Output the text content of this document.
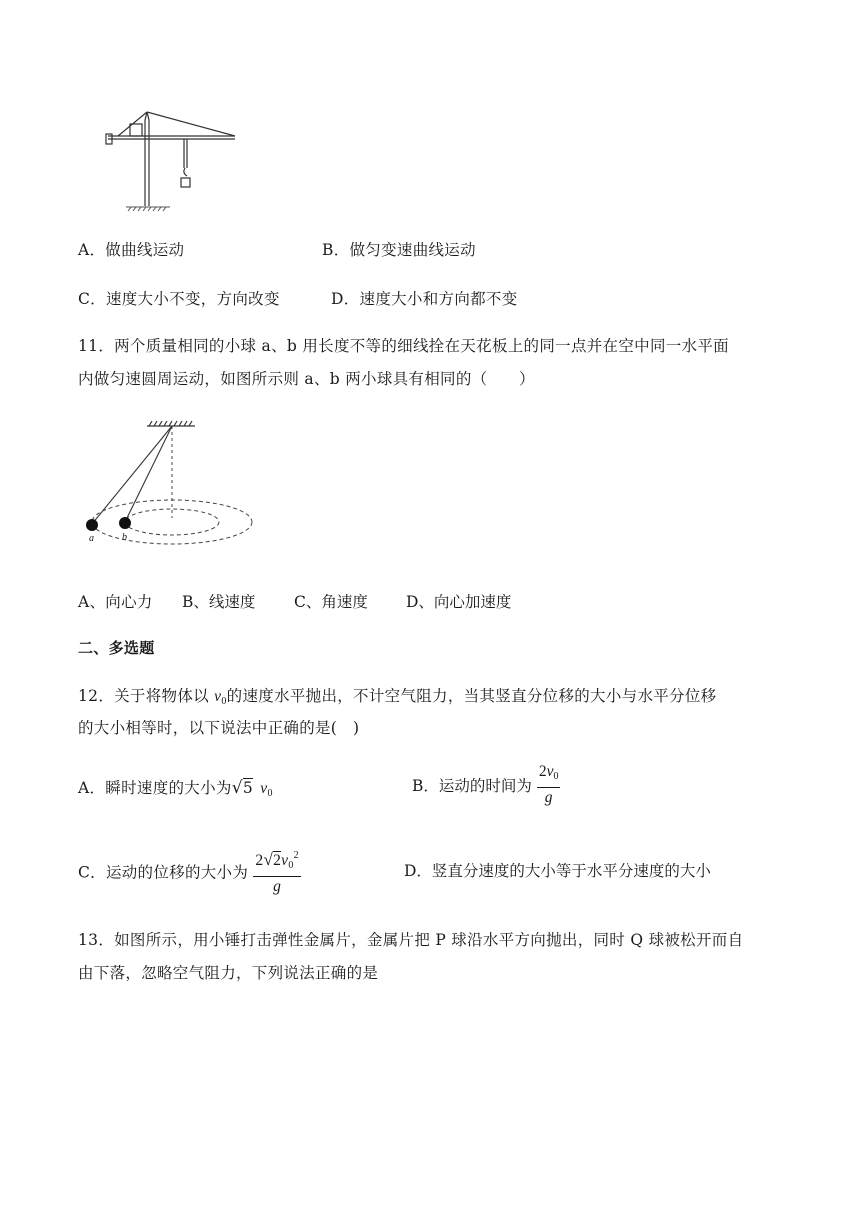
A．做曲线运动	B．做匀变速曲线运动
C．速度大小不变，方向改变	D．速度大小和方向都不变
11．两个质量相同的小球 a、b 用长度不等的细线拴在天花板上的同一点并在空中同一水平面
内做匀速圆周运动，如图所示则 a、b 两小球具有相同的（　　）
a	b
A、向心力 B、线速度 C、角速度 D、向心加速度
二、多选题
12．关于将物体以 $v_0$的速度水平抛出，不计空气阻力，当其竖直分位移的大小与水平分位移
的大小相等时，以下说法中正确的是(　)
A．瞬时速度的大小为√5 $v_0$	B．运动的时间为 $\frac{2v_0}{g}$
C．运动的位移的大小为 $\frac{2√2v_0^2}{g}$	D．竖直分速度的大小等于水平分速度的大小
13．如图所示，用小锤打击弹性金属片，金属片把 P 球沿水平方向抛出，同时 Q 球被松开而自
由下落，忽略空气阻力，下列说法正确的是
